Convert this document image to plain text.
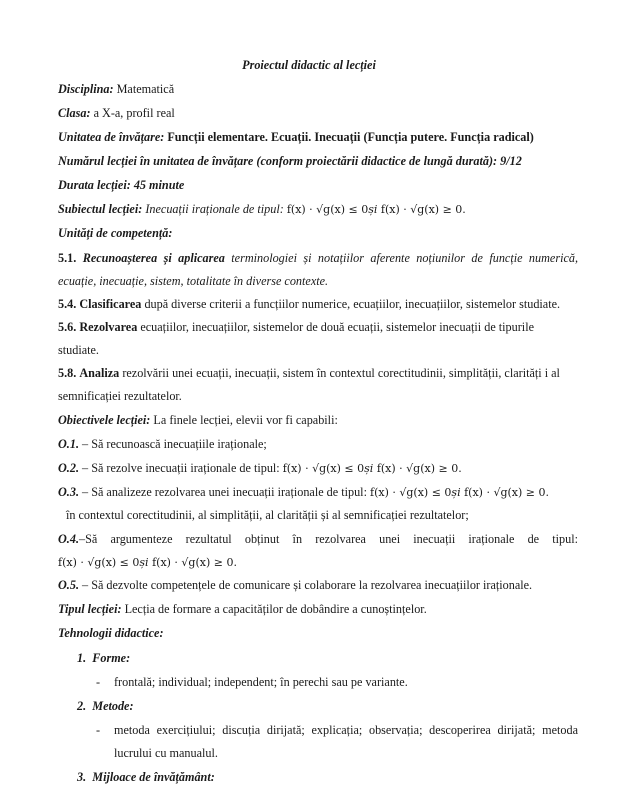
Proiectul didactic al lecției
Disciplina: Matematică
Clasa: a X-a, profil real
Unitatea de învățare: Funcții elementare. Ecuații. Inecuații (Funcția putere. Funcția radical)
Numărul lecției în unitatea de învățare (conform proiectării didactice de lungă durată): 9/12
Durata lecției: 45 minute
Subiectul lecției: Inecuații iraționale de tipul: f(x) · √g(x) ≤ 0și f(x) · √g(x) ≥ 0.
Unități de competență:
5.1. Recunoașterea și aplicarea terminologiei și notațiilor aferente noțiunilor de funcție numerică,
ecuație, inecuație, sistem, totalitate în diverse contexte.
5.4. Clasificarea după diverse criterii a funcțiilor numerice, ecuațiilor, inecuațiilor, sistemelor studiate.
5.6. Rezolvarea ecuațiilor, inecuațiilor, sistemelor de două ecuații, sistemelor inecuații de tipurile
studiate.
5.8. Analiza rezolvării unei ecuații, inecuații, sistem în contextul corectitudinii, simplității, clarități i al
semnificației rezultatelor.
Obiectivele lecției: La finele lecției, elevii vor fi capabili:
O.1. – Să recunoască inecuațiile iraționale;
O.2. – Să rezolve inecuații iraționale de tipul: f(x) · √g(x) ≤ 0și f(x) · √g(x) ≥ 0.
O.3. – Să analizeze rezolvarea unei inecuații iraționale de tipul: f(x) · √g(x) ≤ 0și f(x) · √g(x) ≥ 0.
în contextul corectitudinii, al simplității, al clarității și al semnificației rezultatelor;
O.4.–Să argumenteze rezultatul obținut în rezolvarea unei inecuații iraționale de tipul:
f(x) · √g(x) ≤ 0și f(x) · √g(x) ≥ 0.
O.5. – Să dezvolte competențele de comunicare și colaborare la rezolvarea inecuațiilor iraționale.
Tipul lecției: Lecția de formare a capacităților de dobândire a cunoștințelor.
Tehnologii didactice:
1. Forme:
-	frontală; individual; independent; în perechi sau pe variante.
2. Metode:
-	metoda exercițiului; discuția dirijată; explicația; observația; descoperirea dirijată; metoda
lucrului cu manualul.
3. Mijloace de învățământ:
